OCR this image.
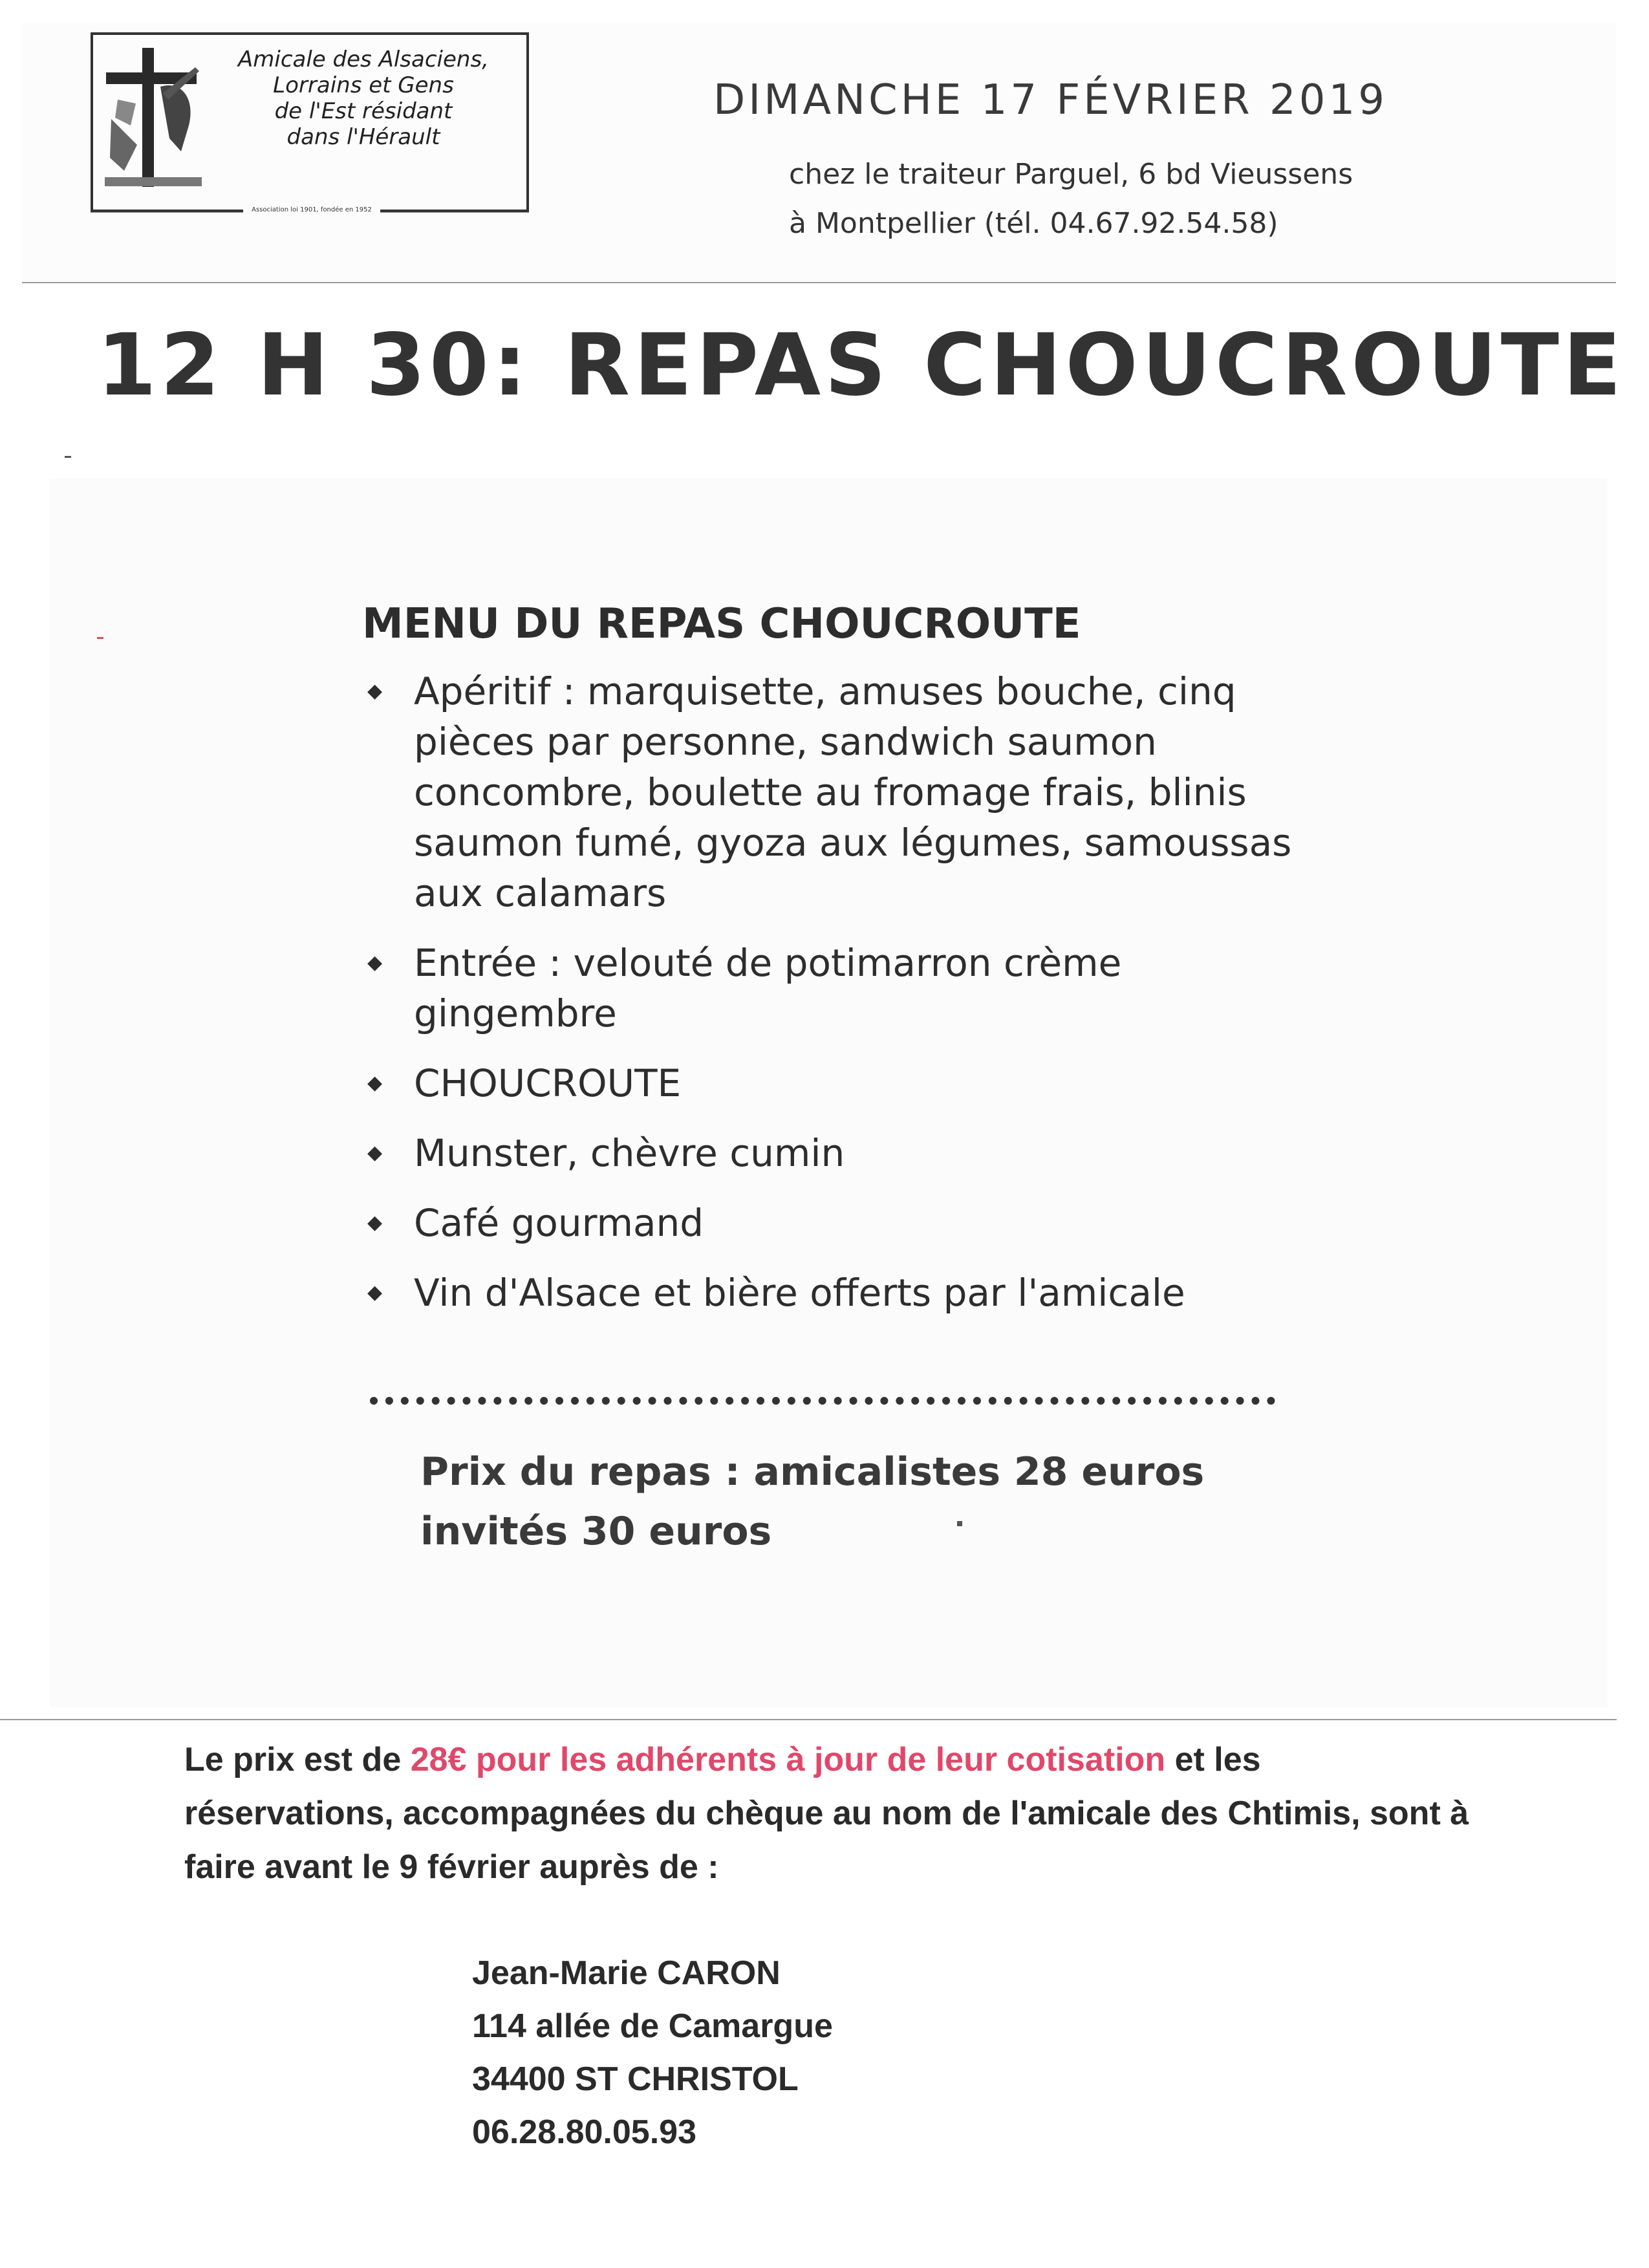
Amicale des Alsaciens,
Lorrains et Gens
de l'Est résidant
dans l'Hérault

Association loi 1901, fondée en 1952
DIMANCHE 17 FÉVRIER 2019

chez le traiteur Parguel, 6 bd Vieussens
à Montpellier (tél. 04.67.92.54.58)

12 H 30: REPAS CHOUCROUTE
MENU DU REPAS CHOUCROUTE
◆ Apéritif : marquisette, amuses bouche, cinq pièces par personne, sandwich saumon concombre, boulette au fromage frais, blinis saumon fumé, gyoza aux légumes, samoussas aux calamars
◆ Entrée : velouté de potimarron crème gingembre
◆ CHOUCROUTE
◆ Munster, chèvre cumin
◆ Café gourmand
◆ Vin d'Alsace et bière offerts par l'amicale

Prix du repas : amicalistes 28 euros
invités 30 euros

Le prix est de 28€ pour les adhérents à jour de leur cotisation et les réservations, accompagnées du chèque au nom de l'amicale des Chtimis, sont à faire avant le 9 février auprès de :

Jean-Marie CARON
114 allée de Camargue
34400 ST CHRISTOL
06.28.80.05.93
